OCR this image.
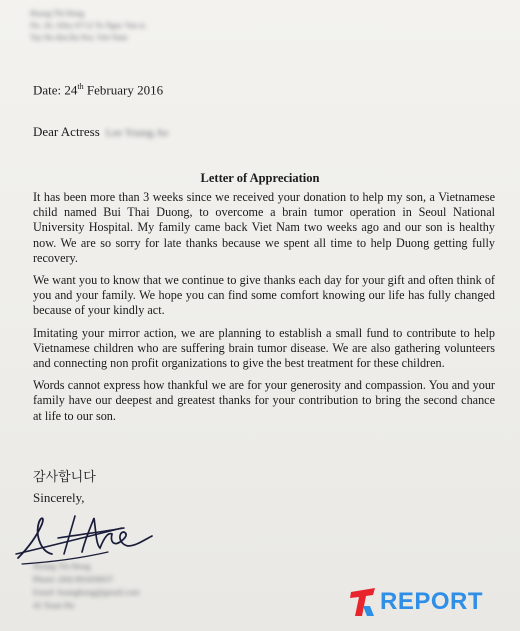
Hoang Thi Hong
No. 26, Alley 67/12 To Ngoc Van st.
Tay Ho dist.Ha Noi, Viet Nam
Date: 24th February 2016
Dear Actress Lee Young Ae
Letter of Appreciation

It has been more than 3 weeks since we received your donation to help my son, a Vietnamese child named Bui Thai Duong, to overcome a brain tumor operation in Seoul National University Hospital. My family came back Viet Nam two weeks ago and our son is healthy now. We are so sorry for late thanks because we spent all time to help Duong getting fully recovery.

We want you to know that we continue to give thanks each day for your gift and often think of you and your family. We hope you can find some comfort knowing our life has fully changed because of your kindly act.

Imitating your mirror action, we are planning to establish a small fund to contribute to help Vietnamese children who are suffering brain tumor disease. We are also gathering volunteers and connecting non profit organizations to give the best treatment for these children.

Words cannot express how thankful we are for your generosity and compassion. You and your family have our deepest and greatest thanks for your contribution to bring the second chance at life to our son.

감사합니다
Sincerely,
Hoang Thi Hong
Phone: (84) 963430637
Email: hoanghong@gmail.com
42 Xuan Ha	REPORT
